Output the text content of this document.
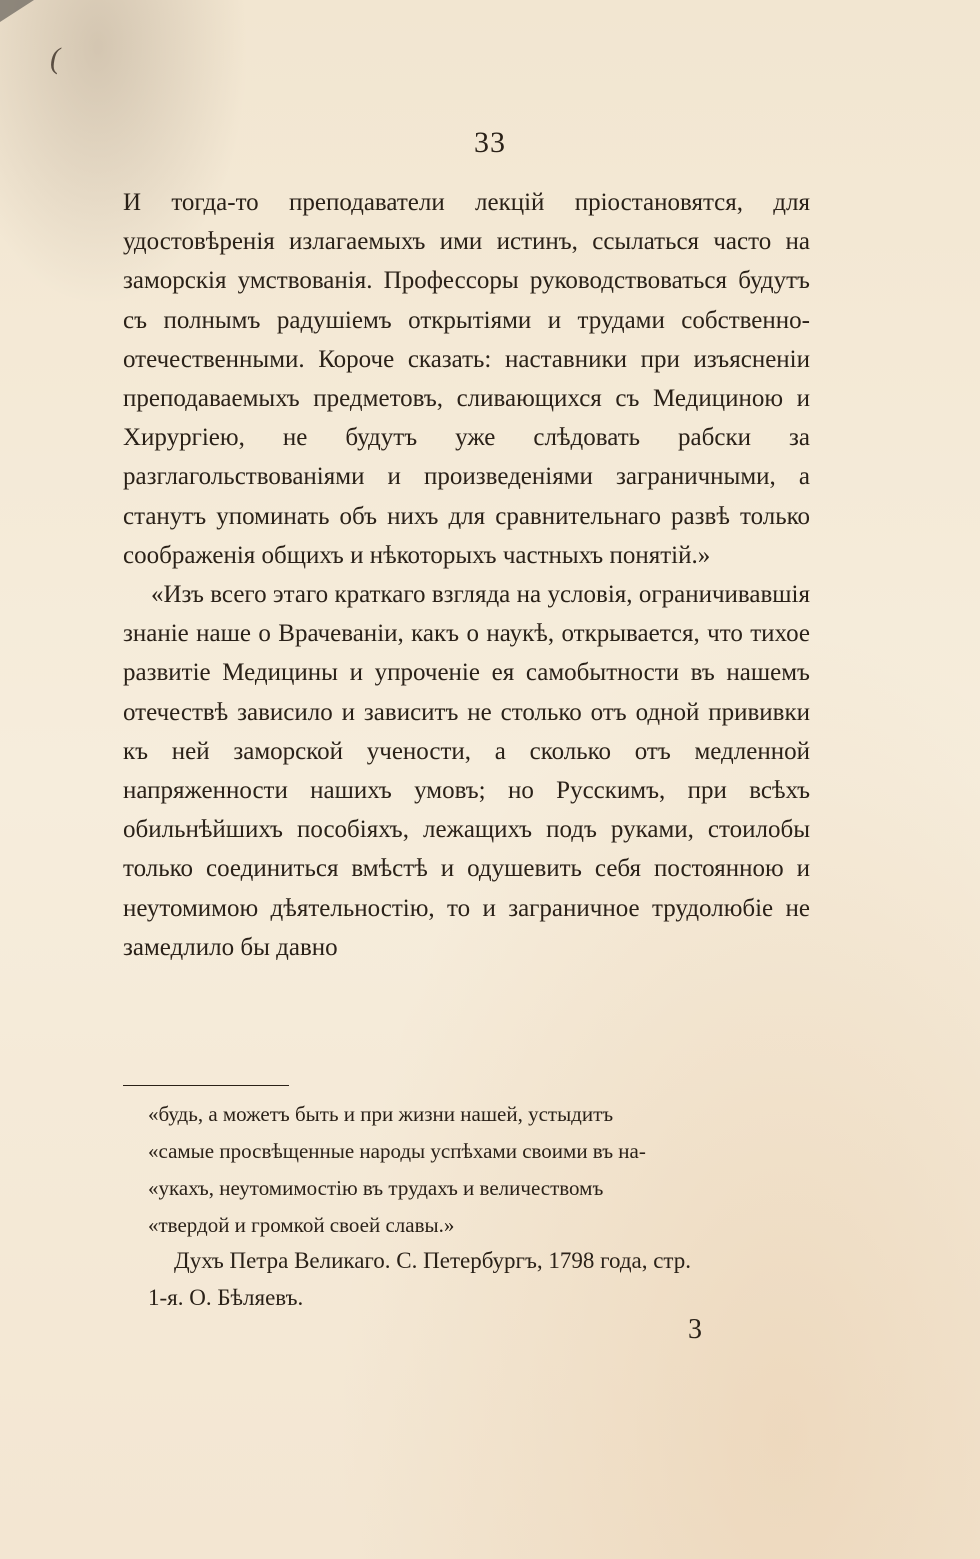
(
33

И тогда-то преподаватели лекцій пріостановятся, для удостовѣренія излагаемыхъ ими истинъ, ссылаться часто на заморскія умствованія. Профессоры руководствоваться будутъ съ полнымъ радушіемъ открытіями и трудами собственно-отечественными. Короче сказать: наставники при изъясненіи преподаваемыхъ предметовъ, сливающихся съ Медициною и Хирургіею, не будутъ уже слѣдовать рабски за разглагольствованіями и произведеніями заграничными, а станутъ упоминать объ нихъ для сравнительнаго развѣ только соображенія общихъ и нѣкоторыхъ частныхъ понятій.»

«Изъ всего этаго краткаго взгляда на условія, ограничивавшія знаніе наше о Врачеваніи, какъ о наукѣ, открывается, что тихое развитіе Медицины и упроченіе ея самобытности въ нашемъ отечествѣ зависило и зависитъ не столько отъ одной прививки къ ней заморской учености, а сколько отъ медленной напряженности нашихъ умовъ; но Русскимъ, при всѣхъ обильнѣйшихъ пособіяхъ, лежащихъ подъ руками, стоилобы только соединиться вмѣстѣ и одушевить себя постоянною и неутомимою дѣятельностію, то и заграничное трудолюбіе не замедлило бы давно

«будь, а можетъ быть и при жизни нашей, устыдитъ

«самые просвѣщенные народы успѣхами своими въ на-

«укахъ, неутомимостію въ трудахъ и величествомъ

«твердой и громкой своей славы.»

Духъ Петра Великаго. С. Петербургъ, 1798 года, стр.
1-я. О. Бѣляевъ.
3
